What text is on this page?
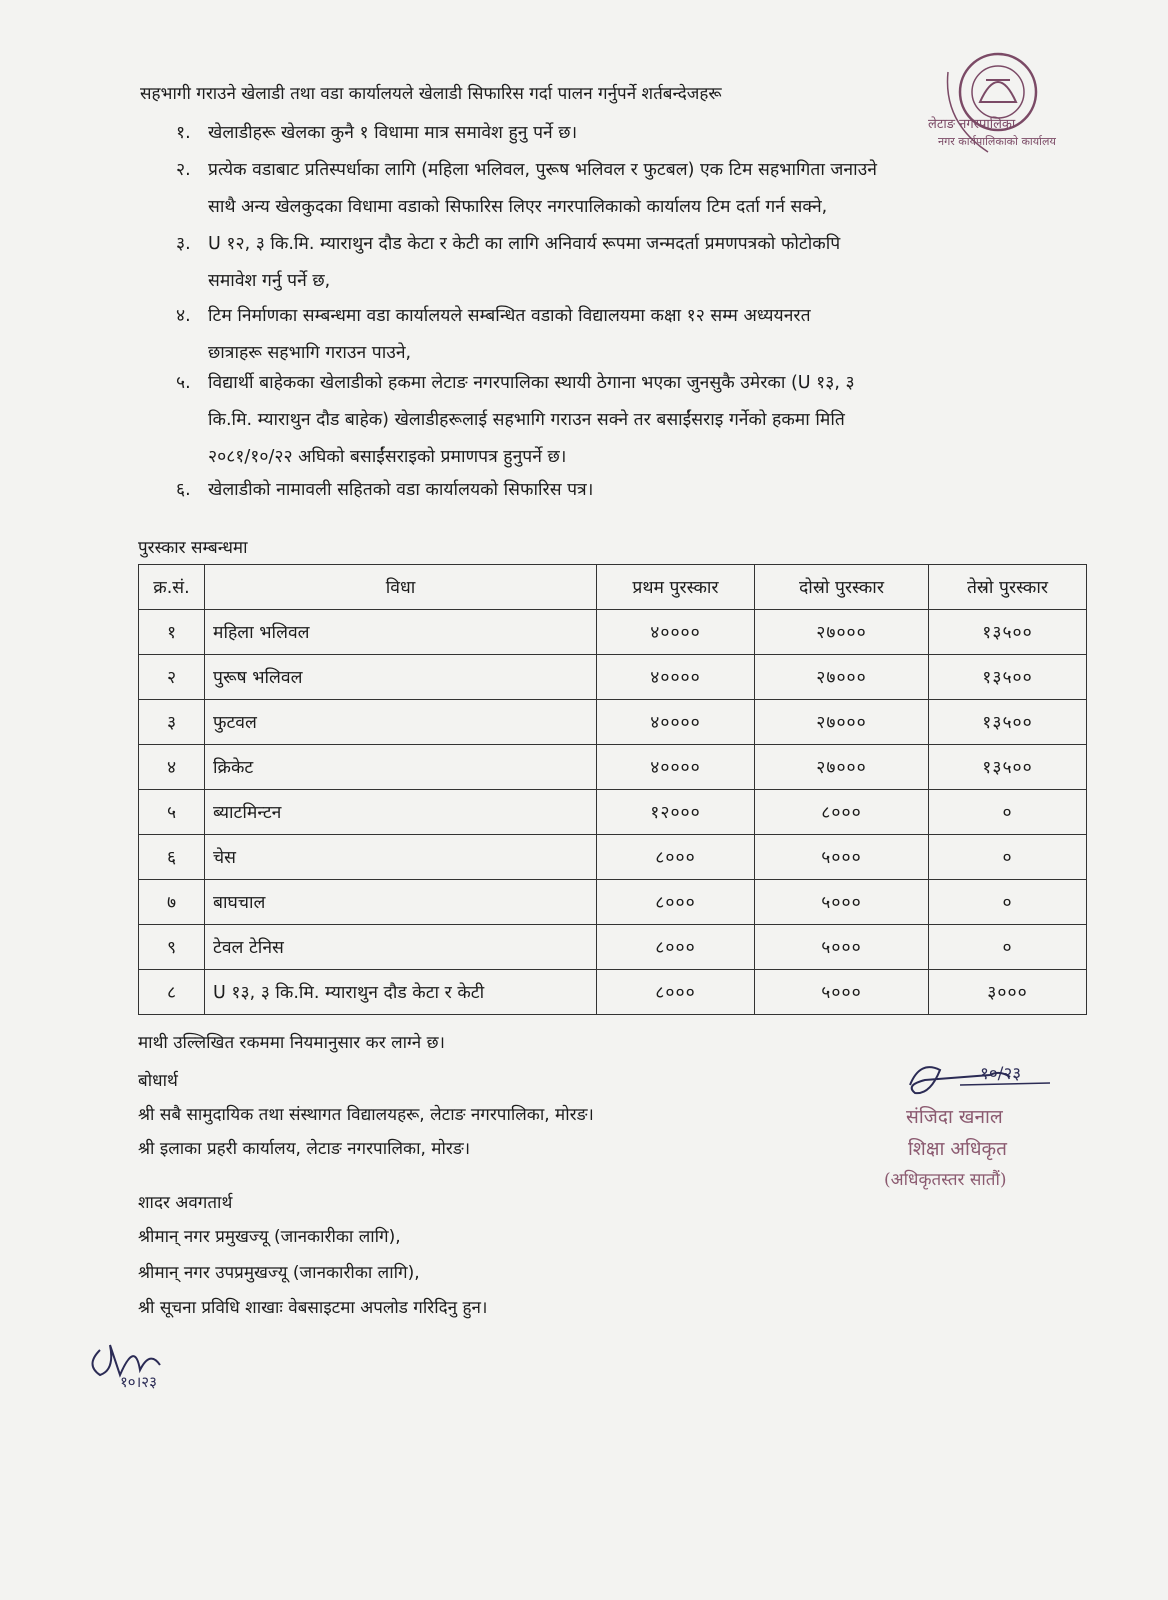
लेटाङ नगरपालिका
नगर कार्यपालिकाको कार्यालय
सहभागी गराउने खेलाडी तथा वडा कार्यालयले खेलाडी सिफारिस गर्दा पालन गर्नुपर्ने शर्तबन्देजहरू
१. खेलाडीहरू खेलका कुनै १ विधामा मात्र समावेश हुनु पर्ने छ।
२. प्रत्येक वडाबाट प्रतिस्पर्धाका लागि (महिला भलिवल, पुरूष भलिवल र फुटबल) एक टिम सहभागिता जनाउने
साथै अन्य खेलकुदका विधामा वडाको सिफारिस लिएर नगरपालिकाको कार्यालय टिम दर्ता गर्न सक्ने,
३. U १२, ३ कि.मि. म्याराथुन दौड केटा र केटी का लागि अनिवार्य रूपमा जन्मदर्ता प्रमणपत्रको फोटोकपि
समावेश गर्नु पर्ने छ,
४. टिम निर्माणका सम्बन्धमा वडा कार्यालयले सम्बन्धित वडाको विद्यालयमा कक्षा १२ सम्म अध्ययनरत
छात्राहरू सहभागि गराउन पाउने,
५. विद्यार्थी बाहेकका खेलाडीको हकमा लेटाङ नगरपालिका स्थायी ठेगाना भएका जुनसुकै उमेरका (U १३, ३
कि.मि. म्याराथुन दौड बाहेक) खेलाडीहरूलाई सहभागि गराउन सक्ने तर बसाईंसराइ गर्नेको हकमा मिति
२०८१/१०/२२ अघिको बसाईंसराइको प्रमाणपत्र हुनुपर्ने छ।
६. खेलाडीको नामावली सहितको वडा कार्यालयको सिफारिस पत्र।
पुरस्कार सम्बन्धमा
क्र.सं.	विधा	प्रथम पुरस्कार	दोस्रो पुरस्कार	तेस्रो पुरस्कार
१	महिला भलिवल	४००००	२७०००	१३५००
२	पुरूष भलिवल	४००००	२७०००	१३५००
३	फुटवल	४००००	२७०००	१३५००
४	क्रिकेट	४००००	२७०००	१३५००
५	ब्याटमिन्टन	१२०००	८०००	०
६	चेस	८०००	५०००	०
७	बाघचाल	८०००	५०००	०
९	टेवल टेनिस	८०००	५०००	०
८	U १३, ३ कि.मि. म्याराथुन दौड केटा र केटी	८०००	५०००	३०००
माथी उल्लिखित रकममा नियमानुसार कर लाग्ने छ।
बोधार्थ
श्री सबै सामुदायिक तथा संस्थागत विद्यालयहरू, लेटाङ नगरपालिका, मोरङ।
श्री इलाका प्रहरी कार्यालय, लेटाङ नगरपालिका, मोरङ।
शादर अवगतार्थ
श्रीमान् नगर प्रमुखज्यू (जानकारीका लागि),
श्रीमान् नगर उपप्रमुखज्यू (जानकारीका लागि),
श्री सूचना प्रविधि शाखाः वेबसाइटमा अपलोड गरिदिनु हुन।
१०/२३
संजिदा खनाल
शिक्षा अधिकृत
(अधिकृतस्तर सातौं)
१०।२३
